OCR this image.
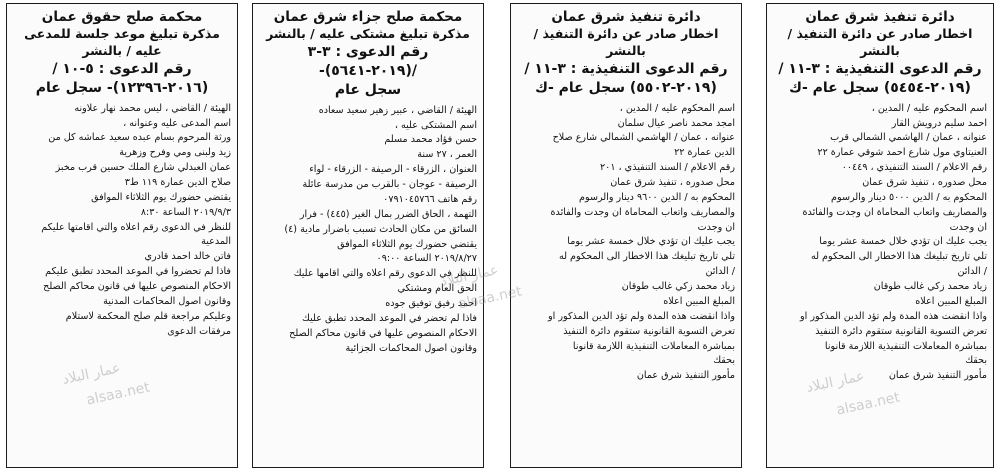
محكمة صلح حقوق عمان
مذكرة تبليغ موعد جلسة للمدعى عليه / بالنشر
رقم الدعوى : ٥-١٠ /
(٢٠١٦-١٢٣٩٦)- سجل عام
الهيئة / القاضي ، ليس محمد نهار علاونه
اسم المدعى عليه وعنوانه ،
ورثة المرحوم بسام عبده سعيد عماشه كل من
زيد ولبنى ومي وفرح وزهرية
عمان العبدلي شارع الملك حسين قرب مخبز
صلاح الدين عمارة ١١٩ ط٣
يقتضي حضورك يوم الثلاثاء الموافق
٢٠١٩/٩/٣ الساعة ٨:٣٠
للنظر في الدعوى رقم اعلاه والتي اقامتها عليكم
المدعية
فاتن خالد احمد قادري
فاذا لم تحضروا في الموعد المحدد تطبق عليكم
الاحكام المنصوص عليها في قانون محاكم الصلح
وقانون اصول المحاكمات المدنية
وعليكم مراجعة قلم صلح المحكمة لاستلام
مرفقات الدعوى
محكمة صلح جزاء شرق عمان
مذكرة تبليغ مشتكى عليه / بالنشر
رقم الدعوى : ٣-٣ /(٢٠١٩-٥٦٤١)-
سجل عام
الهيئة / القاضي ، عبير زهير سعيد سعاده
اسم المشتكى عليه ،
حسن فؤاد محمد مسلم
العمر ، ٢٧ سنة
العنوان ، الزرقاء - الرصيفة - الزرقاء - لواء
الرصيفة - عوجان - بالقرب من مدرسة عائلة
رقم هاتف ٠٧٩١٠٤٥٧٦٦
التهمة ، الحاق الضرر بمال الغير (٤٤٥) - فرار
السائق من مكان الحادث تسبب باضرار مادية (٤)
يقتضي حضورك يوم الثلاثاء الموافق
٢٠١٩/٨/٢٧ الساعة ٠٩:٠٠
للنظر في الدعوى رقم اعلاه والتي اقامها عليك
الحق العام ومشتكي
احمد رفيق توفيق جوده
فاذا لم تحضر في الموعد المحدد تطبق عليك
الاحكام المنصوص عليها في قانون محاكم الصلح
وقانون اصول المحاكمات الجزائية
دائرة تنفيذ شرق عمان
اخطار صادر عن دائرة التنفيذ / بالنشر
رقم الدعوى التنفيذية : ٣-١١ /
(٢٠١٩-٥٥٠٢) سجل عام -ك
اسم المحكوم عليه / المدين ،
امجد محمد ناصر عيال سلمان
عنوانه ، عمان / الهاشمي الشمالي شارع صلاح
الدين عمارة ٢٢
رقم الاعلام / السند التنفيذي ، ٢٠١
محل صدوره ، تنفيذ شرق عمان
المحكوم به / الدين ٩٦٠٠ دينار والرسوم
والمصاريف واتعاب المحاماة ان وجدت والفائدة
ان وجدت
يجب عليك ان تؤدي خلال خمسة عشر يوما
تلي تاريخ تبليغك هذا الاخطار الى المحكوم له
/ الدائن
زياد محمد زكي غالب طوقان
المبلغ المبين اعلاه
واذا انقضت هذه المدة ولم تؤد الدين المذكور او
تعرض التسوية القانونية ستقوم دائرة التنفيذ
بمباشرة المعاملات التنفيذية اللازمة قانونا
بحقك
مأمور التنفيذ شرق عمان
دائرة تنفيذ شرق عمان
اخطار صادر عن دائرة التنفيذ / بالنشر
رقم الدعوى التنفيذية : ٣-١١ /
(٢٠١٩-٥٤٥٤) سجل عام -ك
اسم المحكوم عليه / المدين ،
احمد سليم درويش القار
عنوانه ، عمان / الهاشمي الشمالي قرب
العنيتاوي مول شارع احمد شوقي عمارة ٢٢
رقم الاعلام / السند التنفيذي ، ٠٠٤٤٩
محل صدوره ، تنفيذ شرق عمان
المحكوم به / الدين ٥٠٠٠ دينار والرسوم
والمصاريف واتعاب المحاماة ان وجدت والفائدة
ان وجدت
يجب عليك ان تؤدي خلال خمسة عشر يوما
تلي تاريخ تبليغك هذا الاخطار الى المحكوم له
/ الدائن
زياد محمد زكي غالب طوقان
المبلغ المبين اعلاه
واذا انقضت هذه المدة ولم تؤد الدين المذكور او
تعرض التسوية القانونية ستقوم دائرة التنفيذ
بمباشرة المعاملات التنفيذية اللازمة قانونا
بحقك
مأمور التنفيذ شرق عمان
عمار البلاد
alsaa.net
عمار البلاد
alsaa.net	عمار البلاد
alsaa.net
